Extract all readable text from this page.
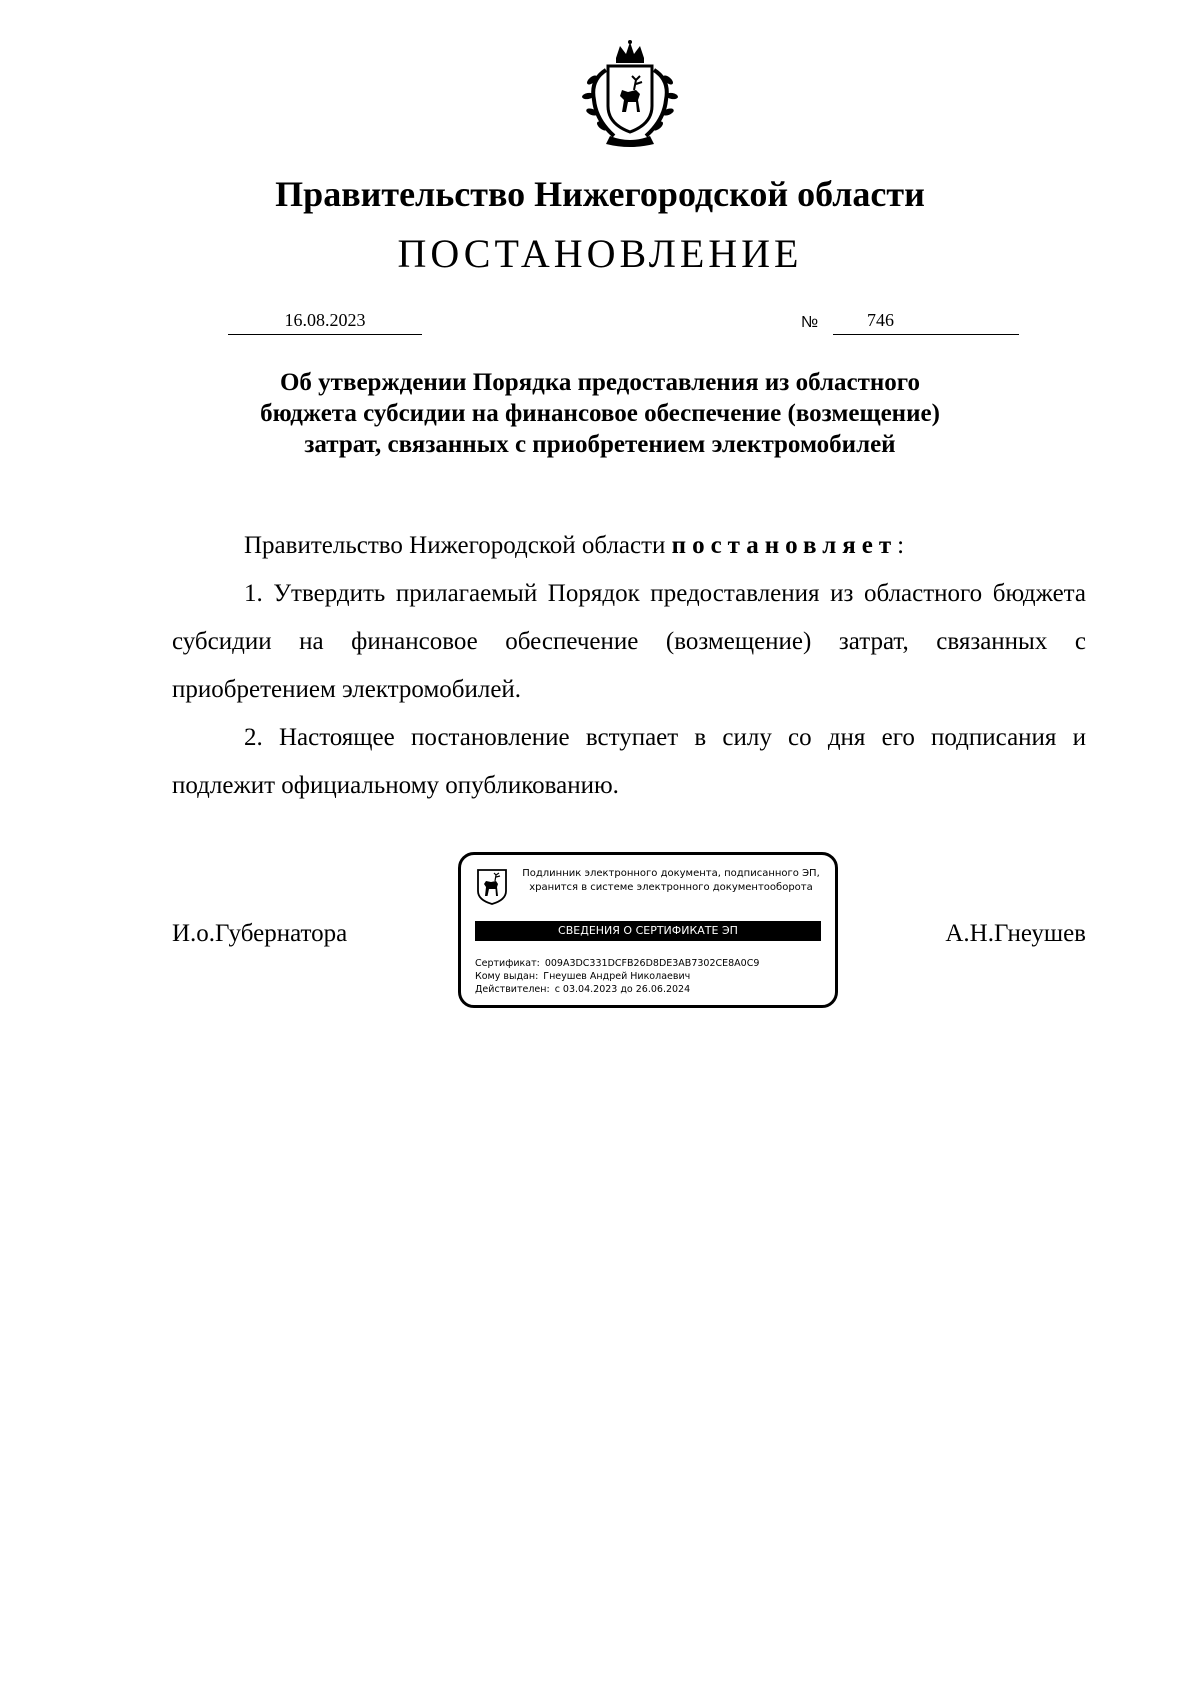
Правительство Нижегородской области
ПОСТАНОВЛЕНИЕ
16.08.2023	№	746
Об утверждении Порядка предоставления из областного
бюджета субсидии на финансовое обеспечение (возмещение)
затрат, связанных с приобретением электромобилей

Правительство Нижегородской области постановляет:

1. Утвердить прилагаемый Порядок предоставления из областного бюджета субсидии на финансовое обеспечение (возмещение) затрат, связанных с приобретением электромобилей.

2. Настоящее постановление вступает в силу со дня его подписания и подлежит официальному опубликованию.

И.о.Губернатора	А.Н.Гнеушев
Подлинник электронного документа, подписанного ЭП,
хранится в системе электронного документооборота
СВЕДЕНИЯ О СЕРТИФИКАТЕ ЭП
Сертификат: 009A3DC331DCFB26D8DE3AB7302CE8A0C9
Кому выдан: Гнеушев Андрей Николаевич
Действителен: с 03.04.2023 до 26.06.2024
